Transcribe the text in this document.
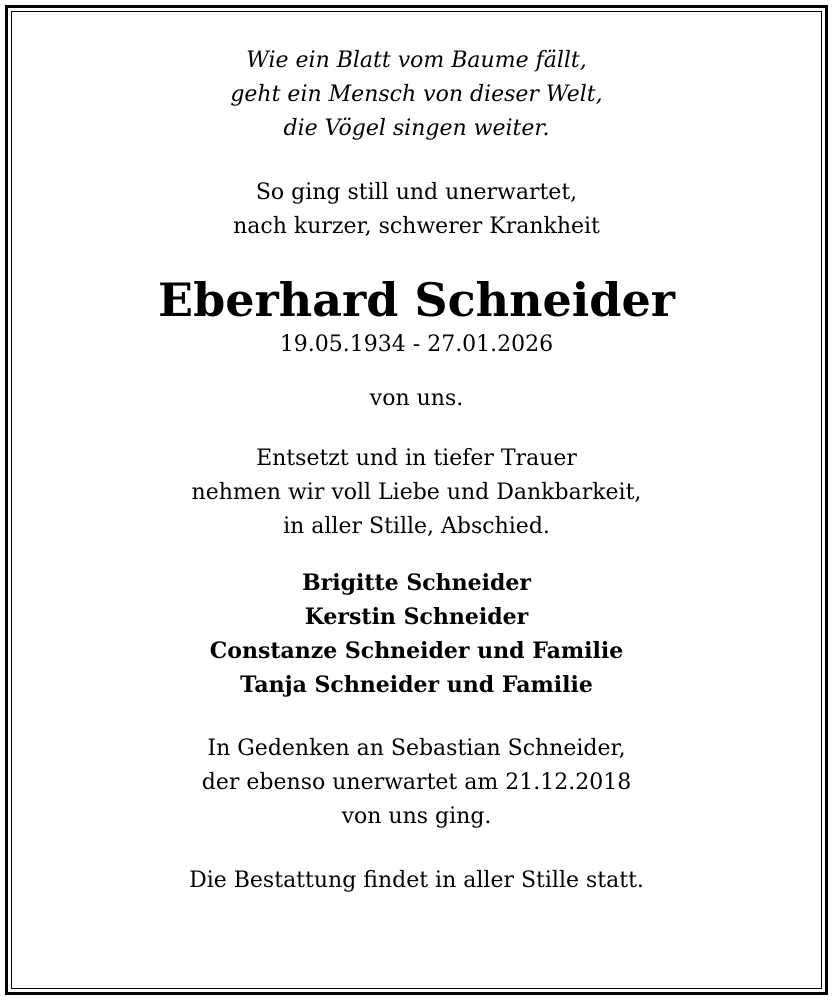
Wie ein Blatt vom Baume fällt,
geht ein Mensch von dieser Welt,
die Vögel singen weiter.
So ging still und unerwartet,
nach kurzer, schwerer Krankheit
Eberhard Schneider
19.05.1934 - 27.01.2026
von uns.
Entsetzt und in tiefer Trauer
nehmen wir voll Liebe und Dankbarkeit,
in aller Stille, Abschied.
Brigitte Schneider
Kerstin Schneider
Constanze Schneider und Familie
Tanja Schneider und Familie
In Gedenken an Sebastian Schneider,
der ebenso unerwartet am 21.12.2018
von uns ging.
Die Bestattung findet in aller Stille statt.
